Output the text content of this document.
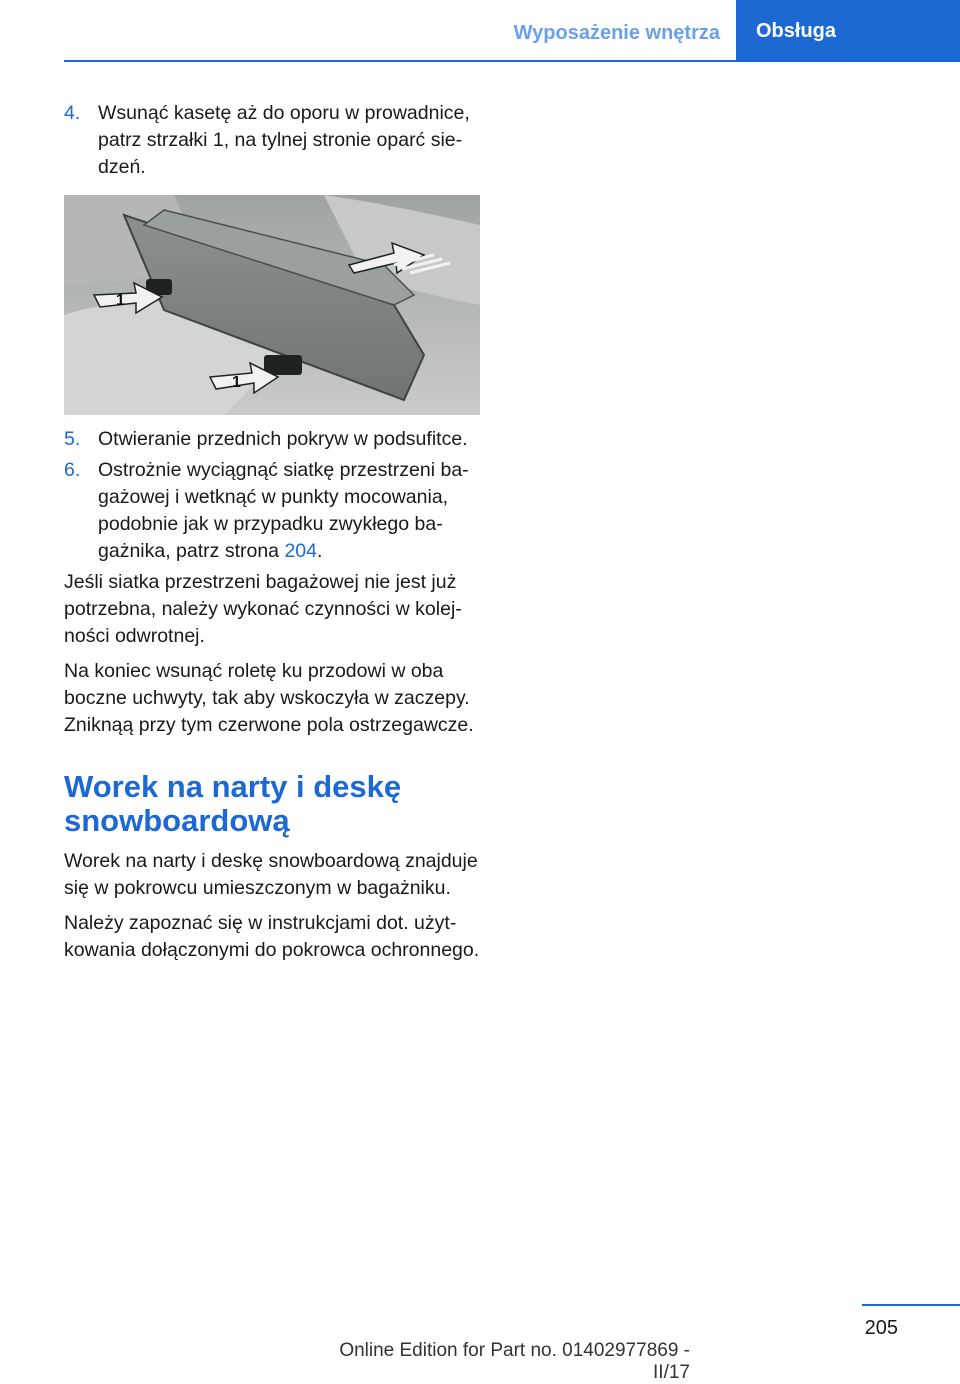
Wyposażenie wnętrza	Obsługa
4. Wsunąć kasetę aż do oporu w prowadnice, patrz strzałki 1, na tylnej stronie oparć siedzeń.
1
1
5. Otwieranie przednich pokryw w podsufitce.
6. Ostrożnie wyciągnąć siatkę przestrzeni bagażowej i wetknąć w punkty mocowania, podobnie jak w przypadku zwykłego bagażnika, patrz strona 204.

Jeśli siatka przestrzeni bagażowej nie jest już potrzebna, należy wykonać czynności w kolejności odwrotnej.

Na koniec wsunąć roletę ku przodowi w oba boczne uchwyty, tak aby wskoczyła w zaczepy. Zniknąą przy tym czerwone pola ostrzegawcze.

Worek na narty i deskę snowboardową

Worek na narty i deskę snowboardową znajduje się w pokrowcu umieszczonym w bagażniku.

Należy zapoznać się w instrukcjami dot. użytkowania dołączonymi do pokrowca ochronnego.

205
Online Edition for Part no. 01402977869 - II/17
